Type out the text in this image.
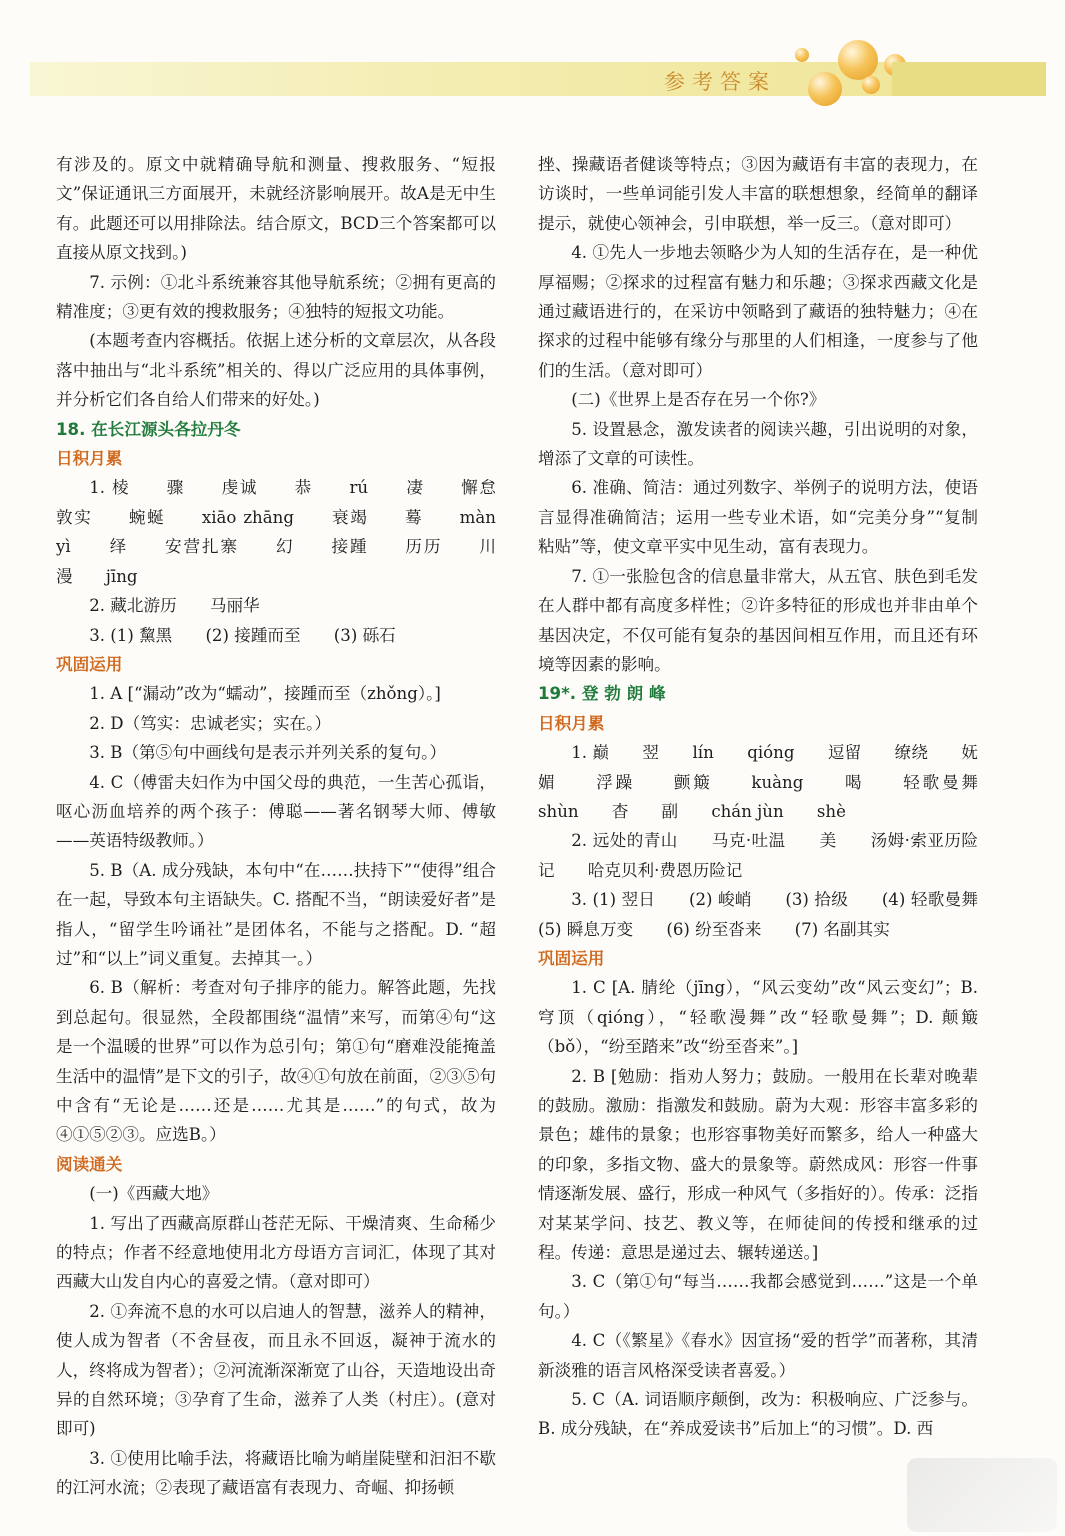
参考答案

有涉及的。原文中就精确导航和测量、搜救服务、“短报文”保证通讯三方面展开，未就经济影响展开。故A是无中生有。此题还可以用排除法。结合原文，BCD三个答案都可以直接从原文找到。)

7. 示例：①北斗系统兼容其他导航系统；②拥有更高的精准度；③更有效的搜救服务；④独特的短报文功能。

(本题考查内容概括。依据上述分析的文章层次，从各段落中抽出与“北斗系统”相关的、得以广泛应用的具体事例，并分析它们各自给人们带来的好处。)

18. 在长江源头各拉丹冬

日积月累

1. 棱　　骤　　虔诚　　恭　　rú　　凄　　懈怠　　敦实　　蜿蜒　　xiāo zhāng　　衰竭　　蓦　　màn　　yì　　绎　　安营扎寨　　幻　　接踵　　历历　　川　　漫　　jīng

2. 藏北游历　　马丽华

3. (1) 黧黑　　(2) 接踵而至　　(3) 砾石

巩固运用

1. A [“漏动”改为“蠕动”，接踵而至（zhǒng）。]

2. D（笃实：忠诚老实；实在。）

3. B（第⑤句中画线句是表示并列关系的复句。）

4. C（傅雷夫妇作为中国父母的典范，一生苦心孤诣，呕心沥血培养的两个孩子：傅聪——著名钢琴大师、傅敏——英语特级教师。）

5. B（A. 成分残缺，本句中“在……扶持下”“使得”组合在一起，导致本句主语缺失。C. 搭配不当，“朗读爱好者”是指人，“留学生吟诵社”是团体名，不能与之搭配。D. “超过”和“以上”词义重复。去掉其一。）

6. B（解析：考查对句子排序的能力。解答此题，先找到总起句。很显然，全段都围绕“温情”来写，而第④句“这是一个温暖的世界”可以作为总引句；第①句“磨难没能掩盖生活中的温情”是下文的引子，故④①句放在前面，②③⑤句中含有“无论是……还是……尤其是……”的句式，故为④①⑤②③。应选B。）

阅读通关

(一)《西藏大地》

1. 写出了西藏高原群山苍茫无际、干燥清爽、生命稀少的特点；作者不经意地使用北方母语方言词汇，体现了其对西藏大山发自内心的喜爱之情。（意对即可）

2. ①奔流不息的水可以启迪人的智慧，滋养人的精神，使人成为智者（不舍昼夜，而且永不回返，凝神于流水的人，终将成为智者）；②河流渐深渐宽了山谷，天造地设出奇异的自然环境；③孕育了生命，滋养了人类（村庄）。(意对即可)

3. ①使用比喻手法，将藏语比喻为峭崖陡壁和汩汩不歇的江河水流；②表现了藏语富有表现力、奇崛、抑扬顿

挫、操藏语者健谈等特点；③因为藏语有丰富的表现力，在访谈时，一些单词能引发人丰富的联想想象，经简单的翻译提示，就使心领神会，引申联想，举一反三。（意对即可）

4. ①先人一步地去领略少为人知的生活存在，是一种优厚福赐；②探求的过程富有魅力和乐趣；③探求西藏文化是通过藏语进行的，在采访中领略到了藏语的独特魅力；④在探求的过程中能够有缘分与那里的人们相逢，一度参与了他们的生活。（意对即可）

(二)《世界上是否存在另一个你?》

5. 设置悬念，激发读者的阅读兴趣，引出说明的对象，增添了文章的可读性。

6. 准确、简洁：通过列数字、举例子的说明方法，使语言显得准确简洁；运用一些专业术语，如“完美分身”“复制粘贴”等，使文章平实中见生动，富有表现力。

7. ①一张脸包含的信息量非常大，从五官、肤色到毛发在人群中都有高度多样性；②许多特征的形成也并非由单个基因决定，不仅可能有复杂的基因间相互作用，而且还有环境等因素的影响。

19*. 登 勃 朗 峰

日积月累

1. 巅　　翌　　lín　　qióng　　逗留　　缭绕　　妩媚　　浮躁　　颤簸　　kuàng　　喝　　轻歌曼舞　　shùn　　杳　　副　　chán jùn　　shè

2. 远处的青山　　马克·吐温　　美　　汤姆·索亚历险记　　哈克贝利·费恩历险记

3. (1) 翌日　　(2) 峻峭　　(3) 拾级　　(4) 轻歌曼舞　　(5) 瞬息万变　　(6) 纷至沓来　　(7) 名副其实

巩固运用

1. C [A. 腈纶（jīng），“风云变幼”改“风云变幻”；B. 穹顶（qióng），“轻歌漫舞”改“轻歌曼舞”；D. 颠簸（bǒ），“纷至踏来”改“纷至沓来”。]

2. B [勉励：指劝人努力；鼓励。一般用在长辈对晚辈的鼓励。激励：指激发和鼓励。蔚为大观：形容丰富多彩的景色；雄伟的景象；也形容事物美好而繁多，给人一种盛大的印象，多指文物、盛大的景象等。蔚然成风：形容一件事情逐渐发展、盛行，形成一种风气（多指好的）。传承：泛指对某某学问、技艺、教义等，在师徒间的传授和继承的过程。传递：意思是递过去、辗转递送。]

3. C（第①句“每当……我都会感觉到……”这是一个单句。）

4. C（《繁星》《春水》因宣扬“爱的哲学”而著称，其清新淡雅的语言风格深受读者喜爱。）

5. C（A. 词语顺序颠倒，改为：积极响应、广泛参与。B. 成分残缺，在“养成爱读书”后加上“的习惯”。D. 西
